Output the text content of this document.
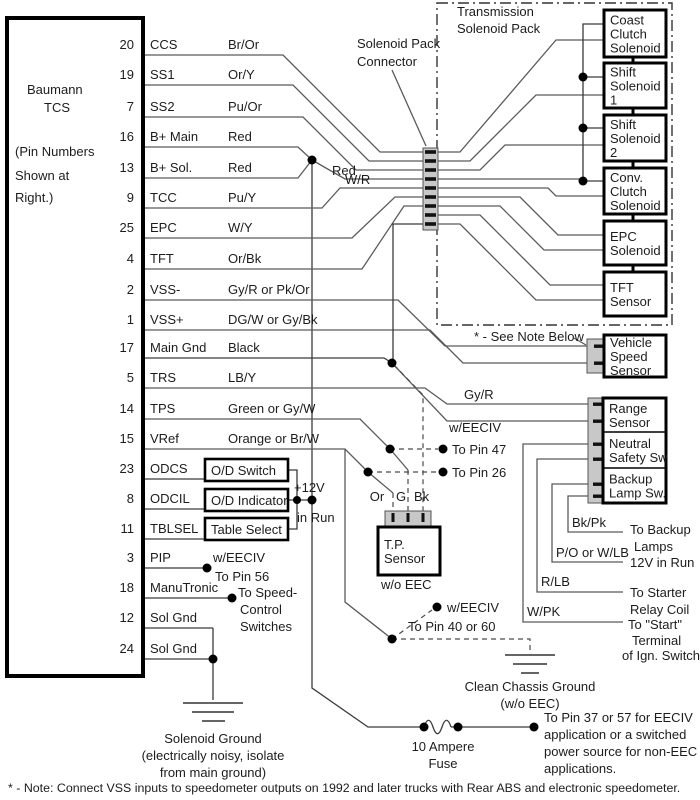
Baumann
TCS
(Pin Numbers
Shown at
Right.)
Coast
Clutch
Solenoid
Shift
Solenoid
1
Shift
Solenoid
2
Conv.
Clutch
Solenoid
EPC
Solenoid
TFT
Sensor
Vehicle
Speed
Sensor
Range
Sensor
Neutral
Safety Sw
Backup
Lamp Sw.
T.P.
Sensor
O/D Switch
O/D Indicator
Table Select
Solenoid Pack
Connector
Transmission
Solenoid Pack
Red
W/R
* - See Note Below
Gy/R
w/EECIV
To Pin 47
To Pin 26
Or G Bk
w/o EEC
w/EECIV
To Pin 40 or 60
Clean Chassis Ground
(w/o EEC)
10 Ampere
Fuse
To Pin 37 or 57 for EECIV
application or a switched
power source for non-EEC
applications.
Bk/Pk To Backup
Lamps
P/O or W/LB
12V in Run
R/LB
To Starter
Relay Coil
W/PK
To "Start"
Terminal
of Ign. Switch
+12V
in Run
w/EECIV
To Pin 56
To Speed-
Control
Switches
Solenoid Ground
(electrically noisy, isolate
from main ground)
20 CCS	Br/Or
19 SS1	Or/Y
7 SS2	Pu/Or
16 B+ Main Red
13 B+ Sol.	Red
9 TCC	Pu/Y
25 EPC	W/Y
4 TFT	Or/Bk
2 VSS-	Gy/R or Pk/Or
1 VSS+	DG/W or Gy/Bk
17 Main Gnd Black
5 TRS	LB/Y
14 TPS	Green or Gy/W
15 VRef	Orange or Br/W
23 ODCS
8 ODCIL
11 TBLSEL
3 PIP
18 ManuTronic
12 Sol Gnd
24 Sol Gnd
* - Note: Connect VSS inputs to speedometer outputs on 1992 and later trucks with Rear ABS and electronic speedometer.
